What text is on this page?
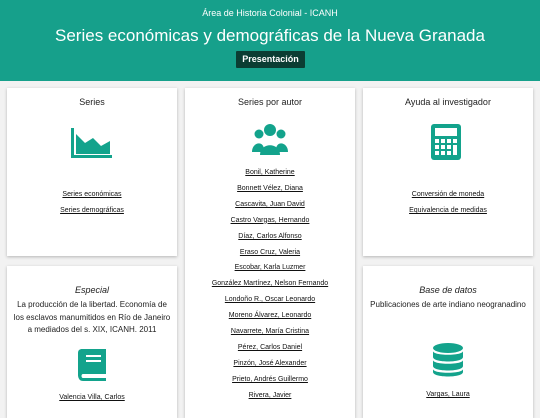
Área de Historia Colonial - ICANH
Series económicas y demográficas de la Nueva Granada
Presentación
Series
Series económicas
Series demográficas
Series por autor
Bonil, Katherine
Bonnett Vélez, Diana
Cascavita, Juan David
Castro Vargas, Hernando
Díaz, Carlos Alfonso
Eraso Cruz, Valeria
Escobar, Karla Luzmer
González Martínez, Nelson Fernando
Londoño R., Oscar Leonardo
Moreno Álvarez, Leonardo
Navarrete, María Cristina
Pérez, Carlos Daniel
Pinzón, José Alexander
Prieto, Andrés Guillermo
Rivera, Javier
Ayuda al investigador
Conversión de moneda
Equivalencia de medidas
Especial
La producción de la libertad. Economía de los esclavos manumitidos en Río de Janeiro a mediados del s. XIX, ICANH. 2011
Valencia Villa, Carlos
Base de datos
Publicaciones de arte indiano neogranadino
Vargas, Laura
